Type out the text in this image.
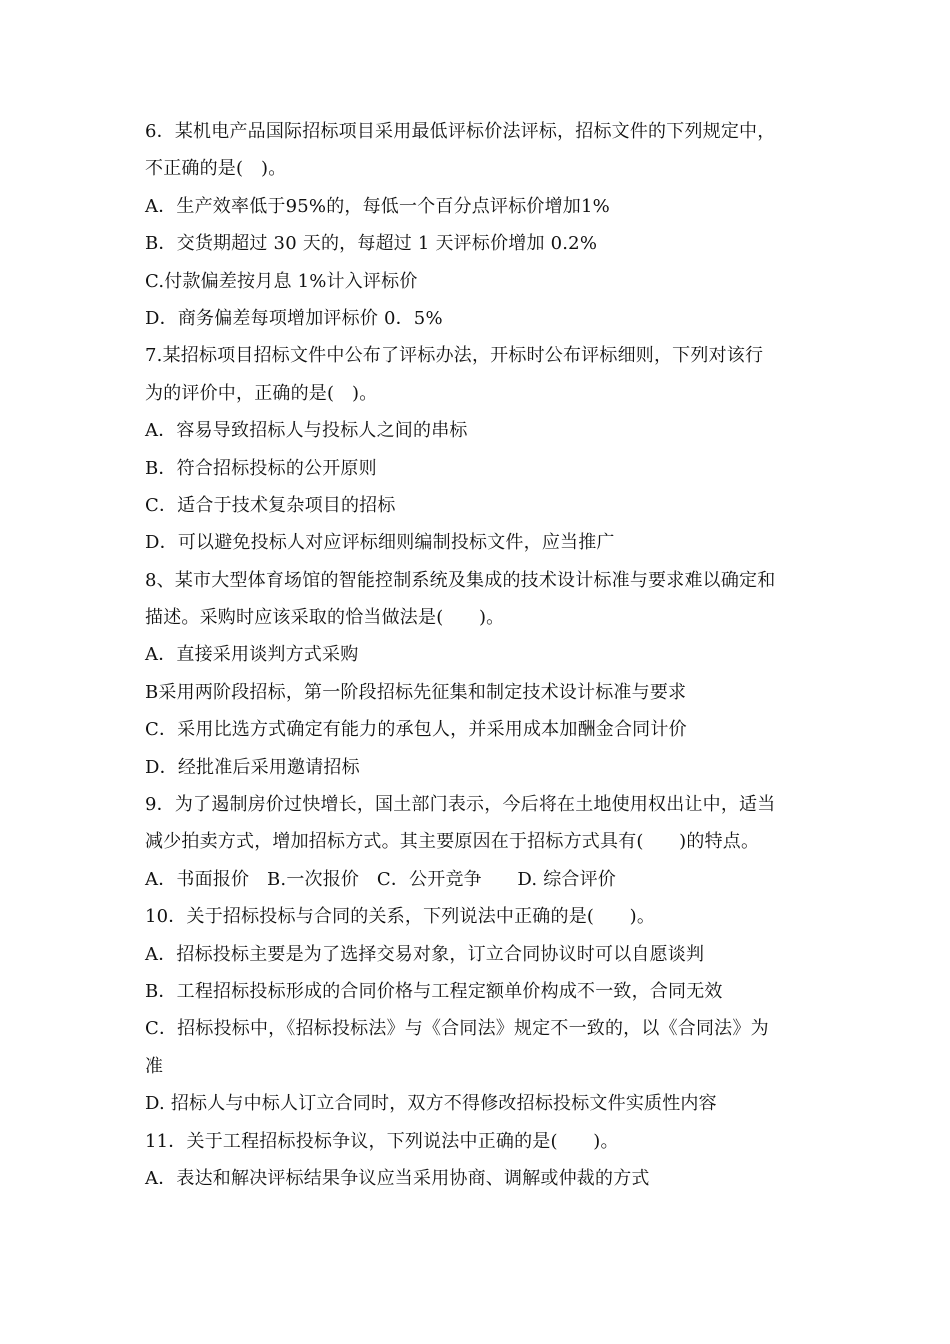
6．某机电产品国际招标项目采用最低评标价法评标，招标文件的下列规定中，
不正确的是(   )。
A．生产效率低于95%的，每低一个百分点评标价增加1%
B．交货期超过 30 天的，每超过 1 天评标价增加 0.2%
C.付款偏差按月息 1%计入评标价
D．商务偏差每项增加评标价 0．5%
7.某招标项目招标文件中公布了评标办法，开标时公布评标细则，下列对该行
为的评价中，正确的是(   )。
A．容易导致招标人与投标人之间的串标
B．符合招标投标的公开原则
C．适合于技术复杂项目的招标
D．可以避免投标人对应评标细则编制投标文件，应当推广
8、某市大型体育场馆的智能控制系统及集成的技术设计标准与要求难以确定和
描述。采购时应该采取的恰当做法是(      )。
A．直接采用谈判方式采购
B采用两阶段招标，第一阶段招标先征集和制定技术设计标准与要求
C．采用比选方式确定有能力的承包人，并采用成本加酬金合同计价
D．经批准后采用邀请招标
9．为了遏制房价过快增长，国土部门表示，今后将在土地使用权出让中，适当
减少拍卖方式，增加招标方式。其主要原因在于招标方式具有(      )的特点。
A．书面报价   B.一次报价   C．公开竞争      D. 综合评价
10．关于招标投标与合同的关系，下列说法中正确的是(      )。
A．招标投标主要是为了选择交易对象，订立合同协议时可以自愿谈判
B．工程招标投标形成的合同价格与工程定额单价构成不一致，合同无效
C．招标投标中，《招标投标法》与《合同法》规定不一致的，以《合同法》为
准
D. 招标人与中标人订立合同时，双方不得修改招标投标文件实质性内容
11．关于工程招标投标争议，下列说法中正确的是(      )。
A．表达和解决评标结果争议应当采用协商、调解或仲裁的方式
